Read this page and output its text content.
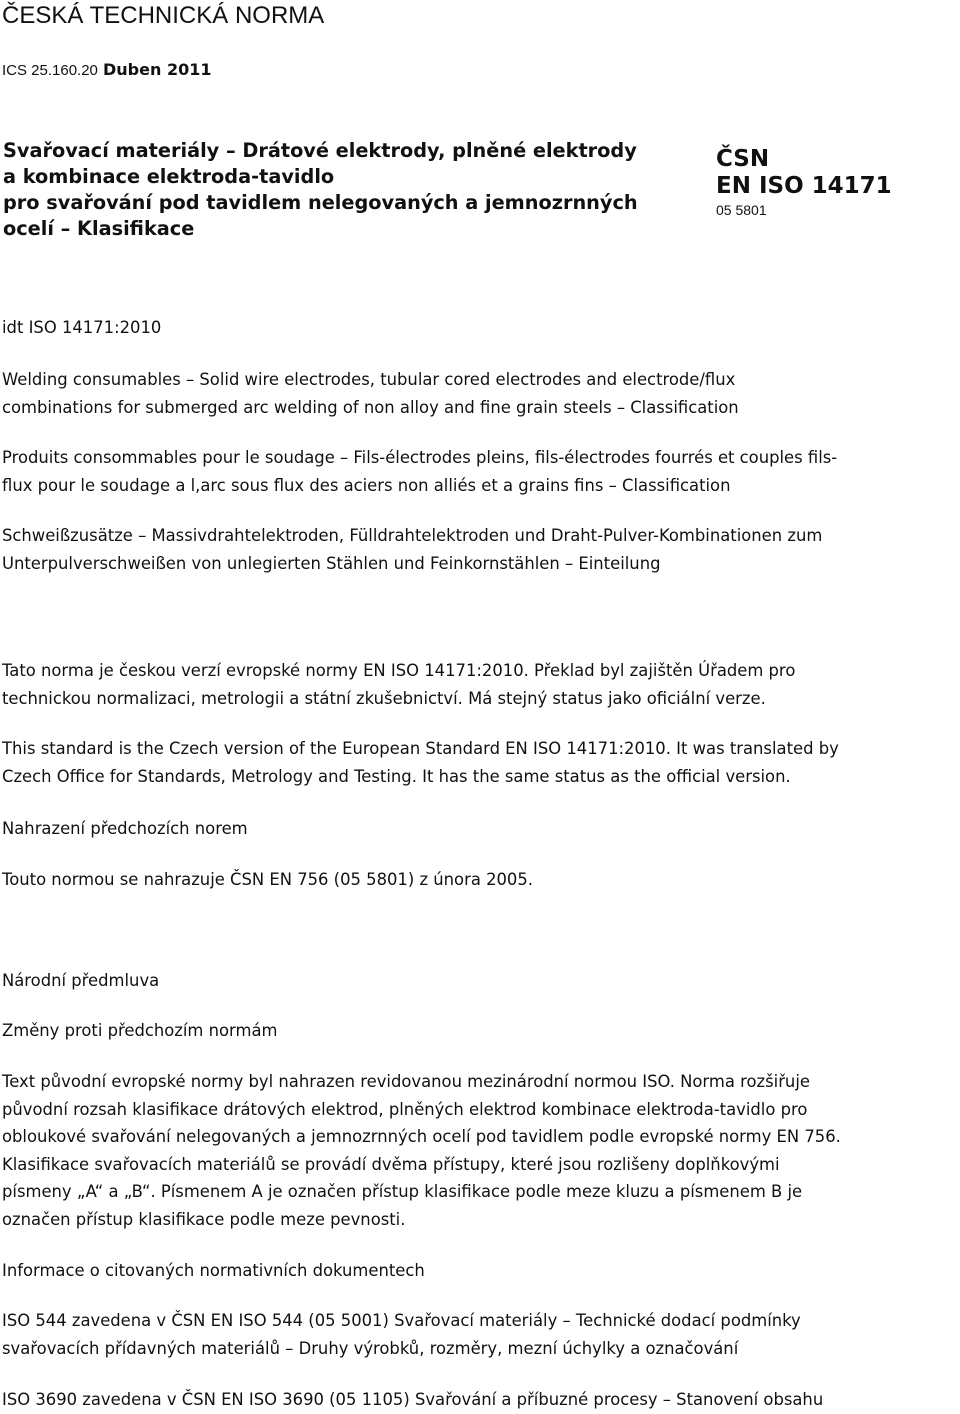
ČESKÁ TECHNICKÁ NORMA
ICS 25.160.20 Duben 2011
Svařovací materiály – Drátové elektrody, plněné elektrody
a kombinace elektroda-tavidlo
pro svařování pod tavidlem nelegovaných a jemnozrnných
ocelí – Klasifikace
ČSN
EN ISO 14171
05 5801
idt ISO 14171:2010
Welding consumables – Solid wire electrodes, tubular cored electrodes and electrode/flux
combinations for submerged arc welding of non alloy and fine grain steels – Classification
Produits consommables pour le soudage – Fils-électrodes pleins, fils-électrodes fourrés et couples fils-
flux pour le soudage a l,arc sous flux des aciers non alliés et a grains fins – Classification
Schweißzusätze – Massivdrahtelektroden, Fülldrahtelektroden und Draht-Pulver-Kombinationen zum
Unterpulverschweißen von unlegierten Stählen und Feinkornstählen – Einteilung
Tato norma je českou verzí evropské normy EN ISO 14171:2010. Překlad byl zajištěn Úřadem pro
technickou normalizaci, metrologii a státní zkušebnictví. Má stejný status jako oficiální verze.
This standard is the Czech version of the European Standard EN ISO 14171:2010. It was translated by
Czech Office for Standards, Metrology and Testing. It has the same status as the official version.
Nahrazení předchozích norem
Touto normou se nahrazuje ČSN EN 756 (05 5801) z února 2005.
Národní předmluva
Změny proti předchozím normám
Text původní evropské normy byl nahrazen revidovanou mezinárodní normou ISO. Norma rozšiřuje
původní rozsah klasifikace drátových elektrod, plněných elektrod kombinace elektroda-tavidlo pro
obloukové svařování nelegovaných a jemnozrnných ocelí pod tavidlem podle evropské normy EN 756.
Klasifikace svařovacích materiálů se provádí dvěma přístupy, které jsou rozlišeny doplňkovými
písmeny „A“ a „B“. Písmenem A je označen přístup klasifikace podle meze kluzu a písmenem B je
označen přístup klasifikace podle meze pevnosti.
Informace o citovaných normativních dokumentech
ISO 544 zavedena v ČSN EN ISO 544 (05 5001) Svařovací materiály – Technické dodací podmínky
svařovacích přídavných materiálů – Druhy výrobků, rozměry, mezní úchylky a označování
ISO 3690 zavedena v ČSN EN ISO 3690 (05 1105) Svařování a příbuzné procesy – Stanovení obsahu
